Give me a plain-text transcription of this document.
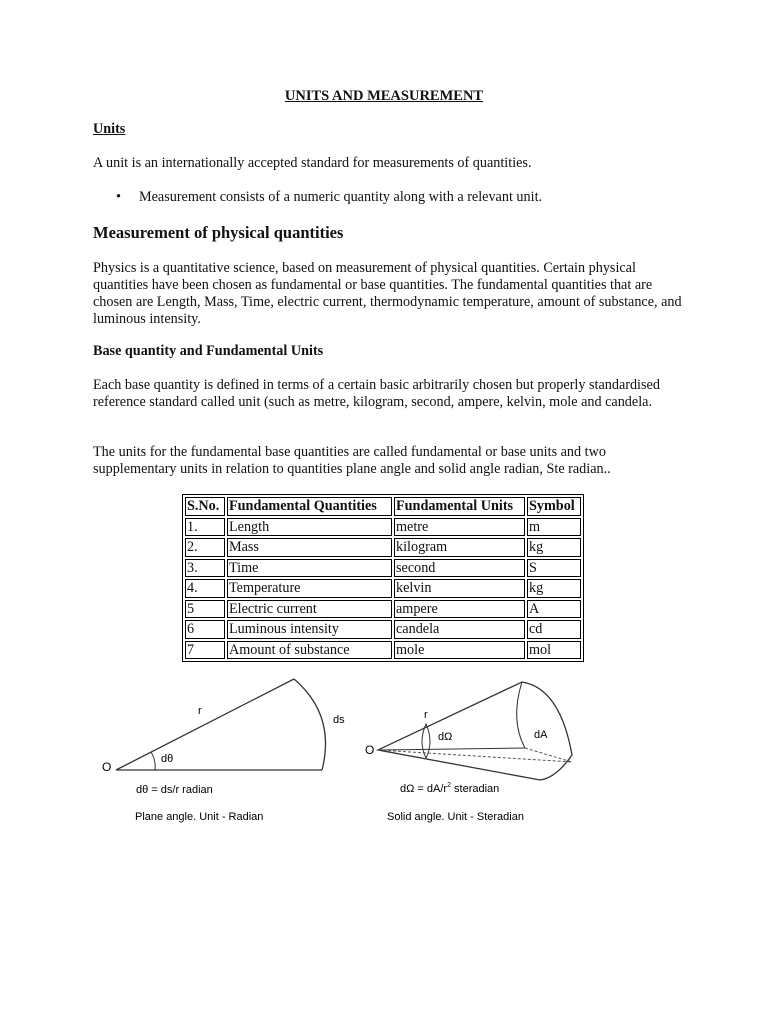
UNITS AND MEASUREMENT
Units
A unit is an internationally accepted standard for measurements of quantities.
• Measurement consists of a numeric quantity along with a relevant unit.
Measurement of physical quantities
Physics is a quantitative science, based on measurement of physical quantities. Certain physical quantities have been chosen as fundamental or base quantities. The fundamental quantities that are chosen are Length, Mass, Time, electric current, thermodynamic temperature, amount of substance, and luminous intensity.
Base quantity and Fundamental Units
Each base quantity is defined in terms of a certain basic arbitrarily chosen but properly standardised reference standard called unit (such as metre, kilogram, second, ampere, kelvin, mole and candela.
The units for the fundamental base quantities are called fundamental or base units and two supplementary units in relation to quantities plane angle and solid angle radian, Ste radian..
S.No.	Fundamental Quantities	Fundamental Units	Symbol
1.	Length	metre	m
2.	Mass	kilogram	kg
3.	Time	second	S
4.	Temperature	kelvin	kg
5	Electric current	ampere	A
6	Luminous intensity	candela	cd
7	Amount of substance	mole	mol
r
ds
dθ
O
dθ = ds/r radian
Plane angle. Unit - Radian
r
dΩ	dA
O
$d\Omega = dA/r^2$ steradian
Solid angle. Unit - Steradian
